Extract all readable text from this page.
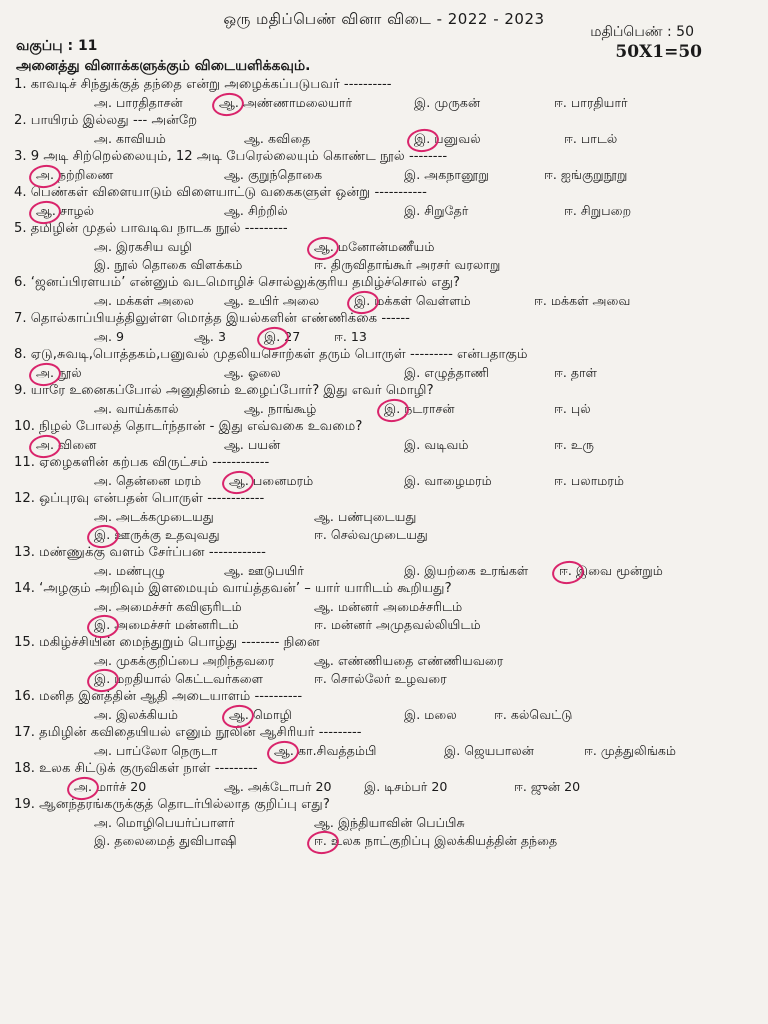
ஒரு மதிப்பெண் வினா விடை - 2022 - 2023
மதிப்பெண் : 50
50X1=50
வகுப்பு : 11
அனைத்து வினாக்களுக்கும் விடையளிக்கவும்.
1. காவடிச் சிந்துக்குத் தந்தை என்று அழைக்கப்படுபவர் ----------
அ. பாரதிதாசன்	ஆ. அண்ணாமலையார்	இ. முருகன்	ஈ. பாரதியார்
2. பாயிரம் இல்லது --- அன்றே
அ. காவியம்	ஆ. கவிதை	இ. பனுவல்	ஈ. பாடல்
3. 9 அடி சிற்றெல்லையும், 12 அடி பேரெல்லையும் கொண்ட நூல் --------
அ. நற்றிணை	ஆ. குறுந்தொகை	இ. அகநானூறு	ஈ. ஐங்குறுநூறு
4. பெண்கள் விளையாடும் விளையாட்டு வகைகளுள் ஒன்று -----------
ஆ. சாழல்	ஆ. சிற்றில்	இ. சிறுதேர்	ஈ. சிறுபறை
5. தமிழின் முதல் பாவடிவ நாடக நூல் ---------
அ. இரகசிய வழி	ஆ. மனோன்மணீயம்
இ. நூல் தொகை விளக்கம்	ஈ. திருவிதாங்கூர் அரசர் வரலாறு
6. ‘ஜனப்பிரளயம்’ என்னும் வடமொழிச் சொல்லுக்குரிய தமிழ்ச்சொல் எது?
அ. மக்கள் அலை ஆ. உயிர் அலை	இ. மக்கள் வெள்ளம்	ஈ. மக்கள் அவை
7. தொல்காப்பியத்திலுள்ள மொத்த இயல்களின் எண்ணிக்கை ------
அ. 9	ஆ. 3	இ. 27	ஈ. 13
8. ஏடு,சுவடி,பொத்தகம்,பனுவல் முதலியசொற்கள் தரும் பொருள் --------- என்பதாகும்
அ. நூல்	ஆ. ஓலை	இ. எழுத்தாணி	ஈ. தாள்
9. யாரே உனைகப்போல் அனுதினம் உழைப்போர்? இது எவர் மொழி?
அ. வாய்க்கால்	ஆ. நாங்கூழ்	இ. நடராசன்	ஈ. புல்
10. நிழல் போலத் தொடர்ந்தான் - இது எவ்வகை உவமை?
அ. வினை	ஆ. பயன்	இ. வடிவம்	ஈ. உரு
11. ஏழைகளின் கற்பக விருட்சம் ------------
அ. தென்னை மரம் ஆ. பனைமரம்	இ. வாழைமரம்	ஈ. பலாமரம்
12. ஒப்புரவு என்பதன் பொருள் ------------
அ. அடக்கமுடையது	ஆ. பண்புடையது
இ. ஊருக்கு உதவுவது	ஈ. செல்வமுடையது
13. மண்ணுக்கு வளம் சேர்ப்பன ------------
அ. மண்புழு	ஆ. ஊடுபயிர்	இ. இயற்கை உரங்கள் ஈ. இவை மூன்றும்
14. ‘அழகும் அறிவும் இளமையும் வாய்த்தவன்’ – யார் யாரிடம் கூறியது?
அ. அமைச்சர் கவிஞரிடம்	ஆ. மன்னர் அமைச்சரிடம்
இ. அமைச்சர் மன்னரிடம்	ஈ. மன்னர் அமுதவல்லியிடம்
15. மகிழ்ச்சியின் மைந்துறும் பொழ்து -------- நினை
அ. முகக்குறிப்பை அறிந்தவரை	ஆ. எண்ணியதை எண்ணியவரை
இ. மறதியால் கெட்டவர்களை	ஈ. சொல்லேர் உழவரை
16. மனித இனத்தின் ஆதி அடையாளம் ----------
அ. இலக்கியம்	ஆ. மொழி	இ. மலை	ஈ. கல்வெட்டு
17. தமிழின் கவிதையியல் எனும் நூலின் ஆசிரியர் ---------
அ. பாப்லோ நெருடா	ஆ. கா.சிவத்தம்பி	இ. ஜெயபாலன்	ஈ. முத்துலிங்கம்
18. உலக சிட்டுக் குருவிகள் நாள் ---------
அ. மார்ச் 20	ஆ. அக்டோபர் 20	இ. டிசம்பர் 20	ஈ. ஜுன் 20
19. ஆனந்தரங்கருக்குத் தொடர்பில்லாத குறிப்பு எது?
அ. மொழிபெயர்ப்பாளர்	ஆ. இந்தியாவின் பெப்பிசு
இ. தலைமைத் துவிபாஷி	ஈ. உலக நாட்குறிப்பு இலக்கியத்தின் தந்தை
